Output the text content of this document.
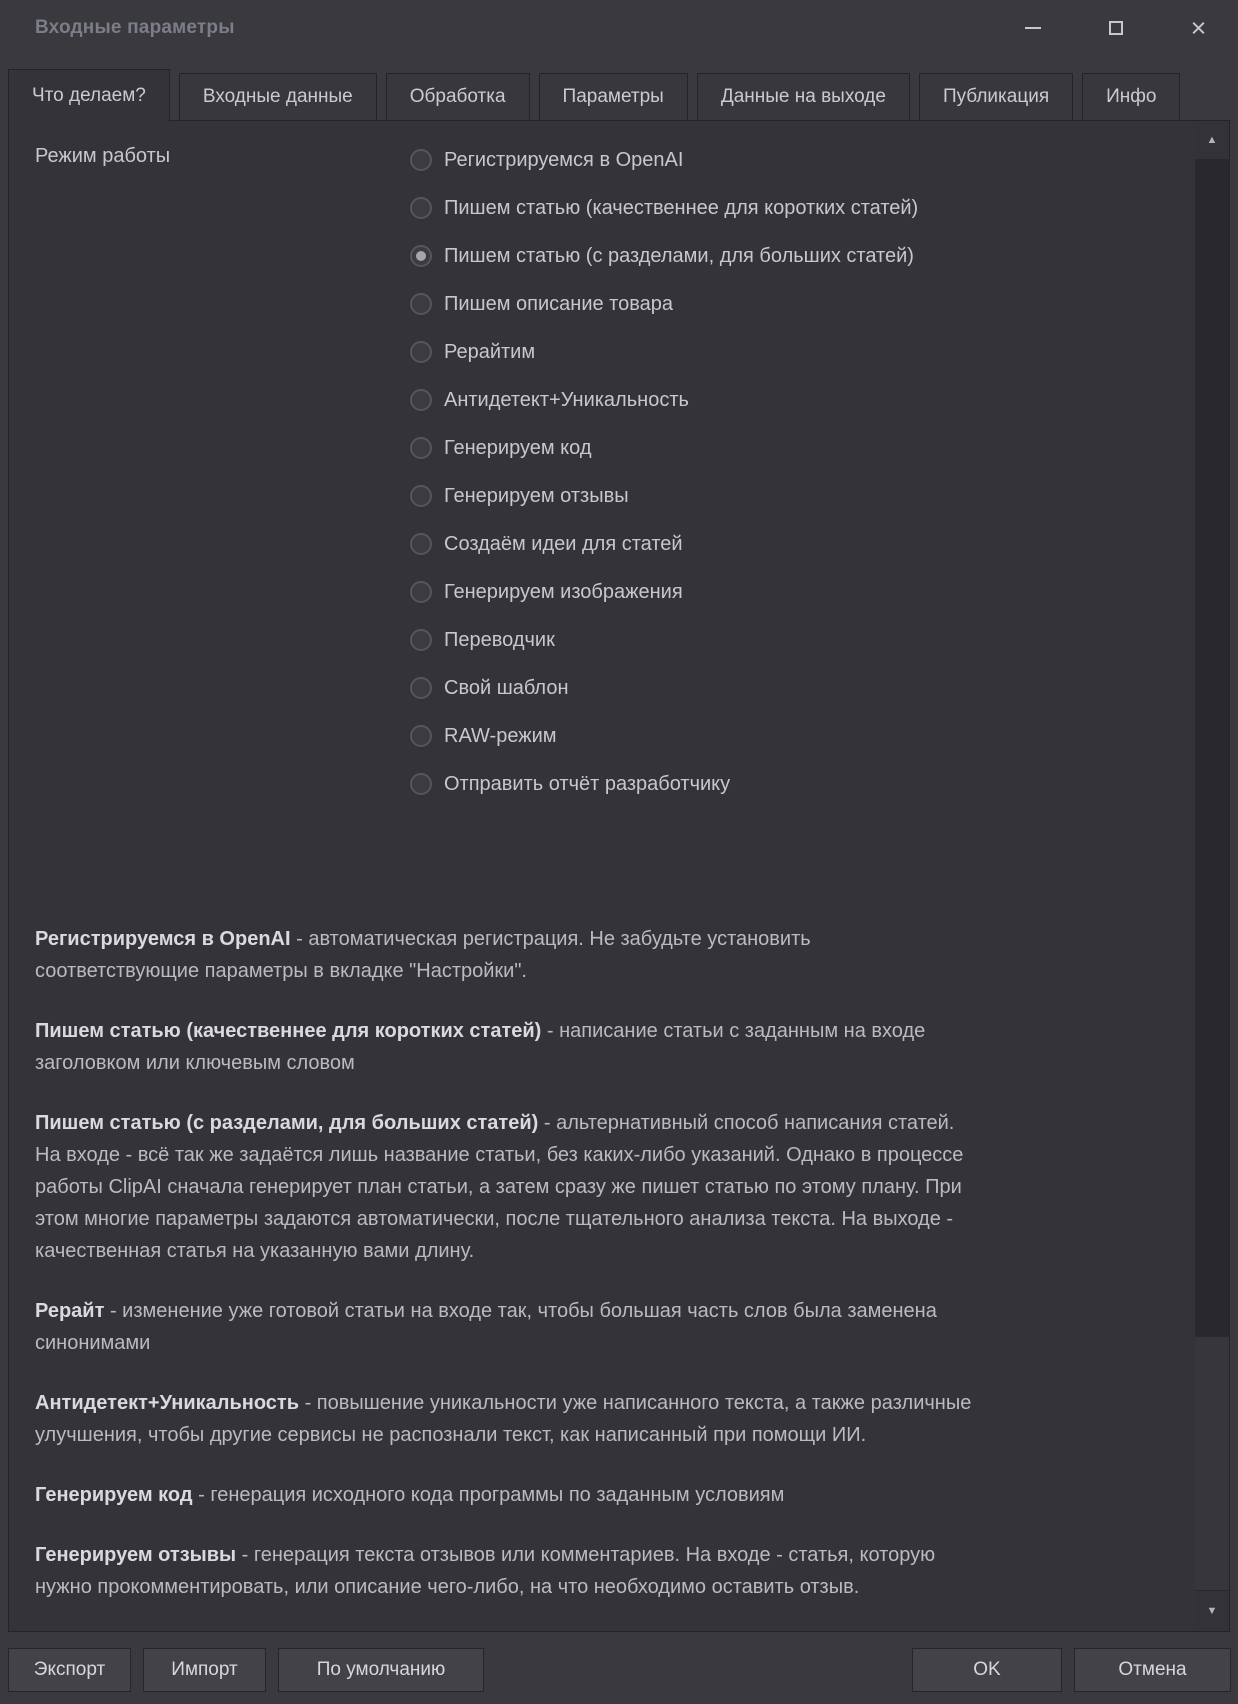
Входные параметры	×
Что делаем?	Входные данные	Обработка	Параметры	Данные на выходе	Публикация	Инфо
Режим работы	Регистрируемся в OpenAI
Пишем статью (качественнее для коротких статей)
Пишем статью (с разделами, для больших статей)
Пишем описание товара
Рерайтим
Антидетект+Уникальность
Генерируем код
Генерируем отзывы
Создаём идеи для статей
Генерируем изображения
Переводчик
Свой шаблон
RAW-режим
Отправить отчёт разработчику

Регистрируемся в OpenAI - автоматическая регистрация. Не забудьте установить соответствующие параметры в вкладке "Настройки".

Пишем статью (качественнее для коротких статей) - написание статьи с заданным на входе заголовком или ключевым словом

Пишем статью (с разделами, для больших статей) - альтернативный способ написания статей. На входе - всё так же задаётся лишь название статьи, без каких-либо указаний. Однако в процессе работы ClipAI сначала генерирует план статьи, а затем сразу же пишет статью по этому плану. При этом многие параметры задаются автоматически, после тщательного анализа текста. На выходе - качественная статья на указанную вами длину.

Рерайт - изменение уже готовой статьи на входе так, чтобы большая часть слов была заменена синонимами

Антидетект+Уникальность - повышение уникальности уже написанного текста, а также различные улучшения, чтобы другие сервисы не распознали текст, как написанный при помощи ИИ.

Генерируем код - генерация исходного кода программы по заданным условиям

Генерируем отзывы - генерация текста отзывов или комментариев. На входе - статья, которую нужно прокомментировать, или описание чего-либо, на что необходимо оставить отзыв.

▲
▼
Экспорт	Импорт	По умолчанию	OK	Отмена
